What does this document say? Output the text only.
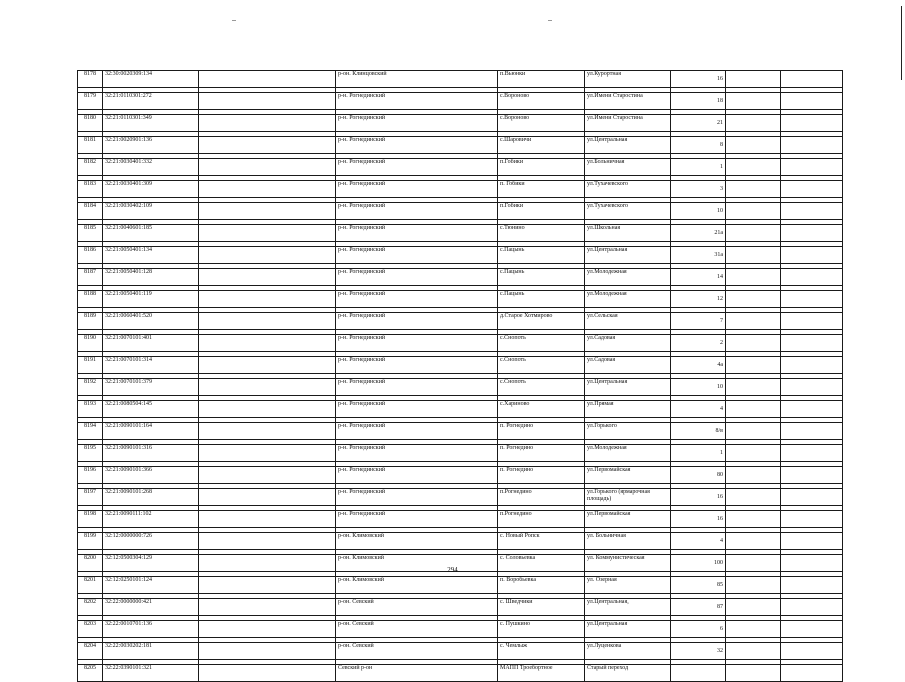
8178	32:30:0020309:134		р-он. Клинцовский	п.Вьюнки	ул.Курортная	16		

8179	32:21:0110301:272		р-н. Рогнединский	с.Вороново	ул.Имени Старостина	18		

8180	32:21:0110301:349		р-н. Рогнединский	с.Вороново	ул.Имени Старостина	21		

8181	32:21:0020901:136		р-н. Рогнединский	с.Шаровичи	ул.Центральная	8		

8182	32:21:0030401:332		р-н. Рогнединский	п.Гобики	ул.Больничная	1		

8183	32:21:0030401:309		р-н. Рогнединский	п. Гобики	ул.Тухачевского	3		

8184	32:21:0030402:109		р-н. Рогнединский	п.Гобики	ул.Тухачевского	10		

8185	32:21:0040601:185		р-н. Рогнединский	с.Тюнино	ул.Школьная	21а		

8186	32:21:0050401:134		р-н. Рогнединский	с.Пацынь	ул.Центральная	31а		

8187	32:21:0050401:128		р-н. Рогнединский	с.Пацынь	ул.Молодежная	14		

8188	32:21:0050401:119		р-н. Рогнединский	с.Пацынь	ул.Молодежная	12		

8189	32:21:0060401:520		р-н. Рогнединский	д.Старое Хотмирово	ул.Сельская	7		

8190	32:21:0070101:401		р-н. Рогнединский	с.Снопоть	ул.Садовая	2		

8191	32:21:0070101:314		р-н. Рогнединский	с.Снопоть	ул.Садовая	4а		

8192	32:21:0070101:379		р-н. Рогнединский	с.Снопоть	ул.Центральная	10		

8193	32:21:0080504:145		р-н. Рогнединский	с.Хариново	ул.Прямая	4		

8194	32:21:0090101:164		р-н. Рогнединский	п. Рогнедино	ул.Горького	8/в		

8195	32:21:0090101:316		р-н. Рогнединский	п. Рогнедино	ул.Молодежная	1		

8196	32:21:0090101:366		р-н. Рогнединский	п. Рогнедино	ул.Первомайская	80		

8197	32:21:0090101:268		р-н. Рогнединский	п.Рогнедино	ул.Горького (ярмарочная площадь)	16		

8198	32:21:0090111:102		р-н. Рогнединский	п.Рогнедино	ул.Первомайская	16		

8199	32:12:0000000:726		р-он. Климовский	с. Новый Ропск	ул. Больничная	4		

8200	32:12:0500304:129		р-он. Климовский	с. Соловьевка	ул. Коммунистическая	100		

8201	32:12:0250101:124		р-он. Климовский	п. Воробьевка	ул. Озерная	85		

8202	32:22:0000000:421		р-он. Севский	с. Шведчики	ул.Центральная,	87		

8203	32:22:0010701:136		р-он. Севский	с. Пушкино	ул.Центральная	6		

8204	32:22:0030202:181		р-он. Севский	с. Чемлыж	ул.Луценкова	32		

8205	32:22:0390101:321		Севский р-он	МАПП Троебортное	Старый переход			
294
